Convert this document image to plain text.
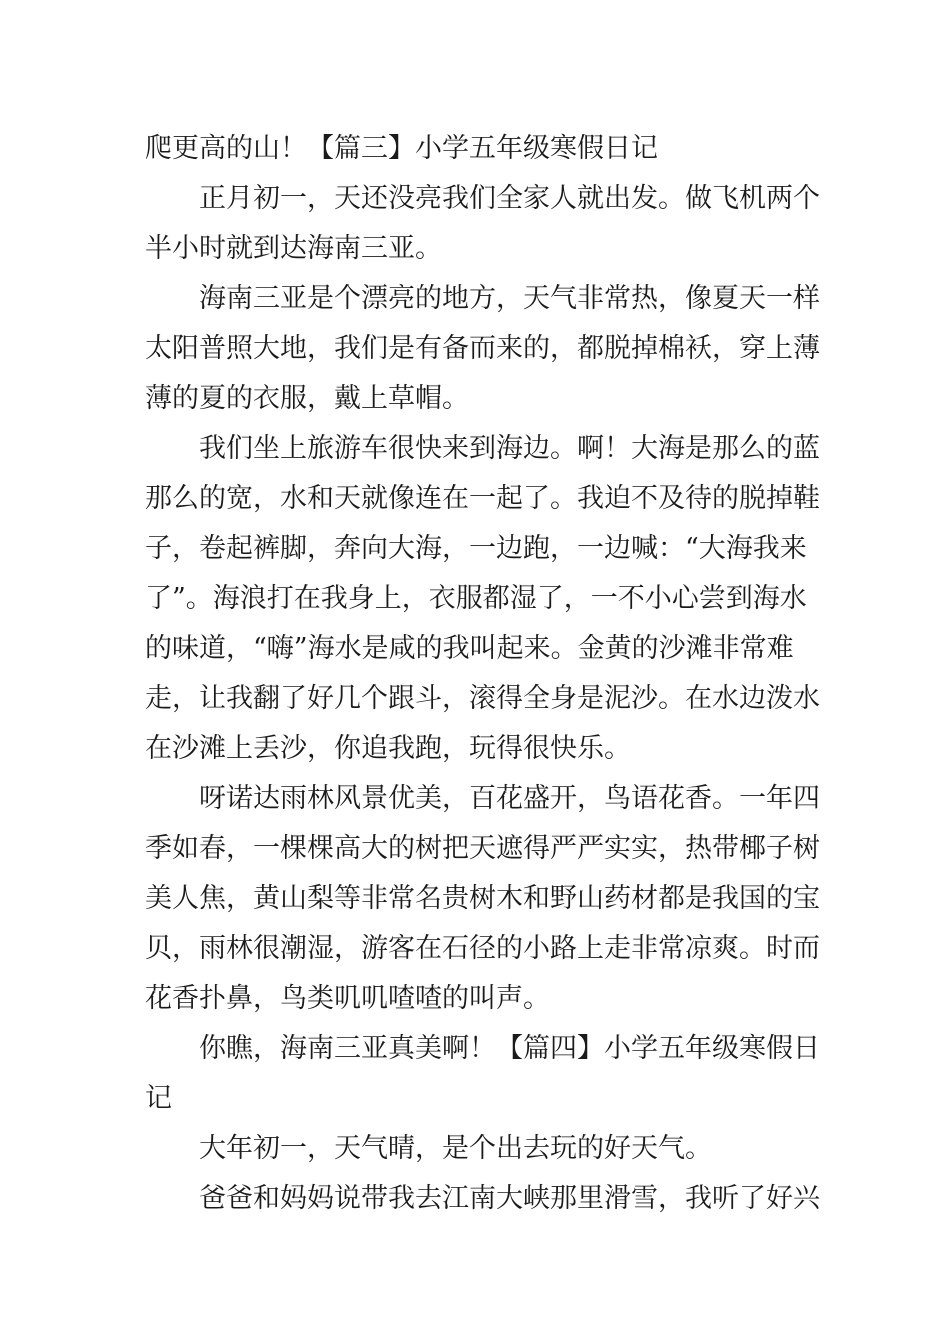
爬更高的山！【篇三】小学五年级寒假日记
正月初一，天还没亮我们全家人就出发。做飞机两个
半小时就到达海南三亚。
海南三亚是个漂亮的地方，天气非常热，像夏天一样
太阳普照大地，我们是有备而来的，都脱掉棉袄，穿上薄
薄的夏的衣服，戴上草帽。
我们坐上旅游车很快来到海边。啊！大海是那么的蓝
那么的宽，水和天就像连在一起了。我迫不及待的脱掉鞋
子，卷起裤脚，奔向大海，一边跑，一边喊：“大海我来
了”。海浪打在我身上，衣服都湿了，一不小心尝到海水
的味道，“嗨”海水是咸的我叫起来。金黄的沙滩非常难
走，让我翻了好几个跟斗，滚得全身是泥沙。在水边泼水
在沙滩上丢沙，你追我跑，玩得很快乐。
呀诺达雨林风景优美，百花盛开，鸟语花香。一年四
季如春，一棵棵高大的树把天遮得严严实实，热带椰子树
美人焦，黄山梨等非常名贵树木和野山药材都是我国的宝
贝，雨林很潮湿，游客在石径的小路上走非常凉爽。时而
花香扑鼻，鸟类叽叽喳喳的叫声。
你瞧，海南三亚真美啊！【篇四】小学五年级寒假日
记
大年初一，天气晴，是个出去玩的好天气。
爸爸和妈妈说带我去江南大峡那里滑雪，我听了好兴
